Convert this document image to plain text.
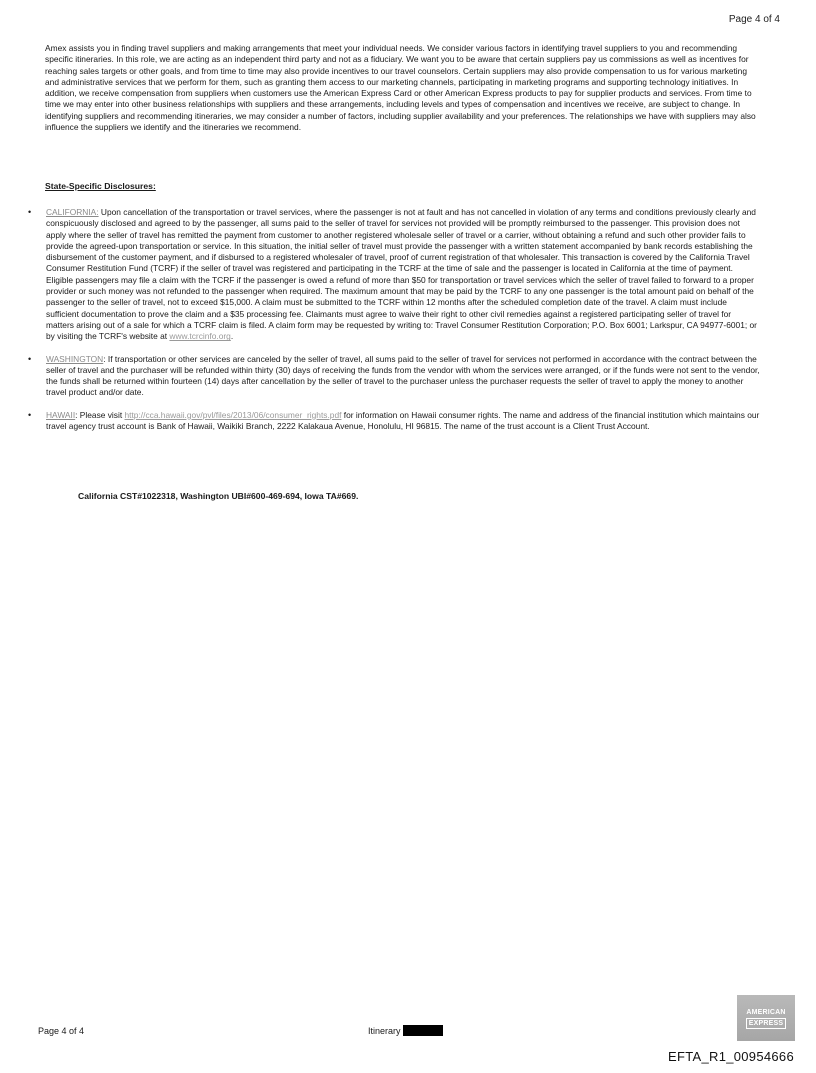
Page 4 of 4

Amex assists you in finding travel suppliers and making arrangements that meet your individual needs. We consider various factors in identifying travel suppliers to you and recommending specific itineraries. In this role, we are acting as an independent third party and not as a fiduciary. We want you to be aware that certain suppliers pay us commissions as well as incentives for reaching sales targets or other goals, and from time to time may also provide incentives to our travel counselors. Certain suppliers may also provide compensation to us for various marketing and administrative services that we perform for them, such as granting them access to our marketing channels, participating in marketing programs and supporting technology initiatives. In addition, we receive compensation from suppliers when customers use the American Express Card or other American Express products to pay for supplier products and services. From time to time we may enter into other business relationships with suppliers and these arrangements, including levels and types of compensation and incentives we receive, are subject to change. In identifying suppliers and recommending itineraries, we may consider a number of factors, including supplier availability and your preferences. The relationships we have with suppliers may also influence the suppliers we identify and the itineraries we recommend.

State-Specific Disclosures:

• CALIFORNIA: Upon cancellation of the transportation or travel services, where the passenger is not at fault and has not cancelled in violation of any terms and conditions previously clearly and conspicuously disclosed and agreed to by the passenger, all sums paid to the seller of travel for services not provided will be promptly reimbursed to the passenger. This provision does not apply where the seller of travel has remitted the payment from customer to another registered wholesale seller of travel or a carrier, without obtaining a refund and such other provider fails to provide the agreed-upon transportation or service. In this situation, the initial seller of travel must provide the passenger with a written statement accompanied by bank records establishing the disbursement of the customer payment, and if disbursed to a registered wholesaler of travel, proof of current registration of that wholesaler. This transaction is covered by the California Travel Consumer Restitution Fund (TCRF) if the seller of travel was registered and participating in the TCRF at the time of sale and the passenger is located in California at the time of payment. Eligible passengers may file a claim with the TCRF if the passenger is owed a refund of more than $50 for transportation or travel services which the seller of travel failed to forward to a proper provider or such money was not refunded to the passenger when required. The maximum amount that may be paid by the TCRF to any one passenger is the total amount paid on behalf of the passenger to the seller of travel, not to exceed $15,000. A claim must be submitted to the TCRF within 12 months after the scheduled completion date of the travel. A claim must include sufficient documentation to prove the claim and a $35 processing fee. Claimants must agree to waive their right to other civil remedies against a registered participating seller of travel for matters arising out of a sale for which a TCRF claim is filed. A claim form may be requested by writing to: Travel Consumer Restitution Corporation; P.O. Box 6001; Larkspur, CA 94977-6001; or by visiting the TCRF's website at www.tcrcinfo.org.
• WASHINGTON: If transportation or other services are canceled by the seller of travel, all sums paid to the seller of travel for services not performed in accordance with the contract between the seller of travel and the purchaser will be refunded within thirty (30) days of receiving the funds from the vendor with whom the services were arranged, or if the funds were not sent to the vendor, the funds shall be returned within fourteen (14) days after cancellation by the seller of travel to the purchaser unless the purchaser requests the seller of travel to apply the money to another travel product and/or date.
• HAWAII: Please visit http://cca.hawaii.gov/pvl/files/2013/06/consumer_rights.pdf for information on Hawaii consumer rights. The name and address of the financial institution which maintains our travel agency trust account is Bank of Hawaii, Waikiki Branch, 2222 Kalakaua Avenue, Honolulu, HI 96815. The name of the trust account is a Client Trust Account.

California CST#1022318, Washington UBI#600-469-694, Iowa TA#669.

Page 4 of 4	Itinerary
AMERICAN
EXPRESS
EFTA_R1_00954666
